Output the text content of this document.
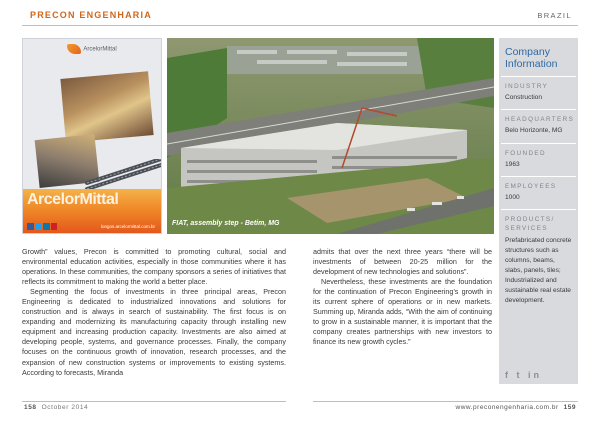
PRECON ENGENHARIA	BRAZIL
ArcelorMittal
ArcelorMittal
longos.arcelormittal.com.br FIAT, assembly step - Betim, MG
Company
Information
INDUSTRY
Construction
HEADQUARTERS
Belo Horizonte, MG
FOUNDED
1963
EMPLOYEES
1000
PRODUCTS/
SERVICES
Prefabricated concrete
structures such as
columns, beams,
slabs, panels, tiles;
Industrialized and
sustainable real estate
development.
f t in

Growth” values, Precon is committed to promoting cultural, social and environmental education activities, especially in those communities where it has operations. In these communities, the company sponsors a series of initiatives that reflects its commitment to making the world a better place.

Segmenting the focus of investments in three principal areas, Precon Engineering is dedicated to industrialized innovations and solutions for construction and is always in search of sustainability. The first focus is on expanding and modernizing its manufacturing capacity through installing new equipment and increasing production capacity. Investments are also aimed at developing people, systems, and governance processes. Finally, the company focuses on the continuous growth of innovation, research processes, and the expansion of new construction systems or improvements to existing systems. According to forecasts, Miranda

admits that over the next three years “there will be investments of between 20-25 million for the development of new technologies and solutions”.

Nevertheless, these investments are the foundation for the continuation of Precon Engineering’s growth in its current sphere of operations or in new markets. Summing up, Miranda adds, “With the aim of continuing to grow in a sustainable manner, it is important that the company creates partnerships with new investors to finance its new growth cycles.”

158 October 2014	www.preconengenharia.com.br 159
